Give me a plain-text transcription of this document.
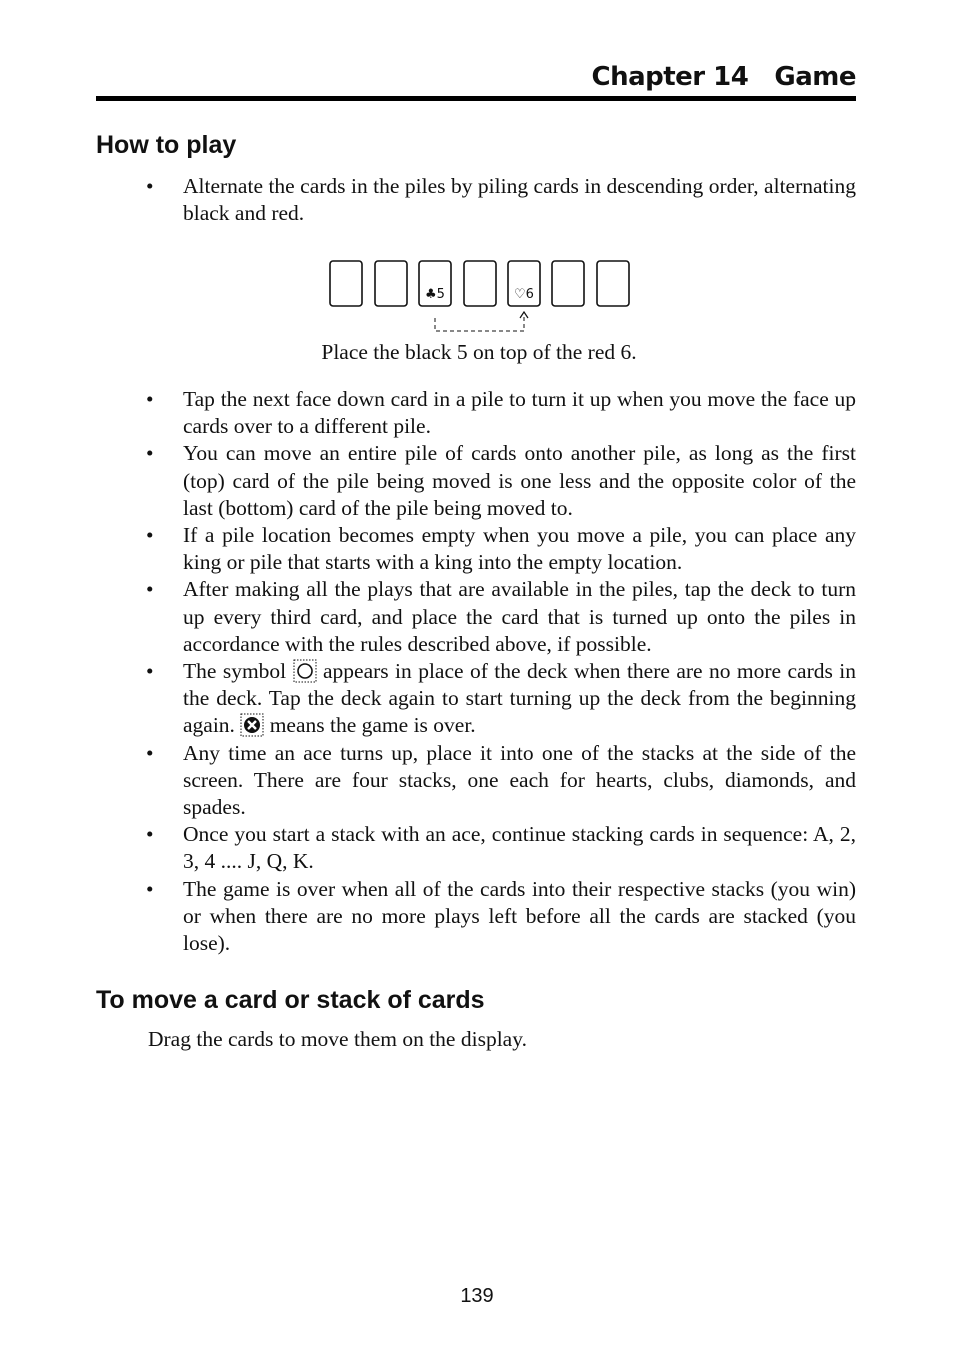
Chapter 14 Game
How to play
•	Alternate the cards in the piles by piling cards in descending order, alternating black and red.
♣5	♡6
Place the black 5 on top of the red 6.
•	Tap the next face down card in a pile to turn it up when you move the face up cards over to a different pile.
•	You can move an entire pile of cards onto another pile, as long as the first (top) card of the pile being moved is one less and the opposite color of the last (bottom) card of the pile being moved to.
•	If a pile location becomes empty when you move a pile, you can place any king or pile that starts with a king into the empty location.
•	After making all the plays that are available in the piles, tap the deck to turn up every third card, and place the card that is turned up onto the piles in accordance with the rules described above, if possible.
•	The symbol  appears in place of the deck when there are no more cards in the deck. Tap the deck again to start turning up the deck from the beginning again.  means the game is over.
•	Any time an ace turns up, place it into one of the stacks at the side of the screen. There are four stacks, one each for hearts, clubs, diamonds, and spades.
•	Once you start a stack with an ace, continue stacking cards in sequence: A, 2, 3, 4 .... J, Q, K.
•	The game is over when all of the cards into their respective stacks (you win) or when there are no more plays left before all the cards are stacked (you lose).
To move a card or stack of cards
Drag the cards to move them on the display.
139
